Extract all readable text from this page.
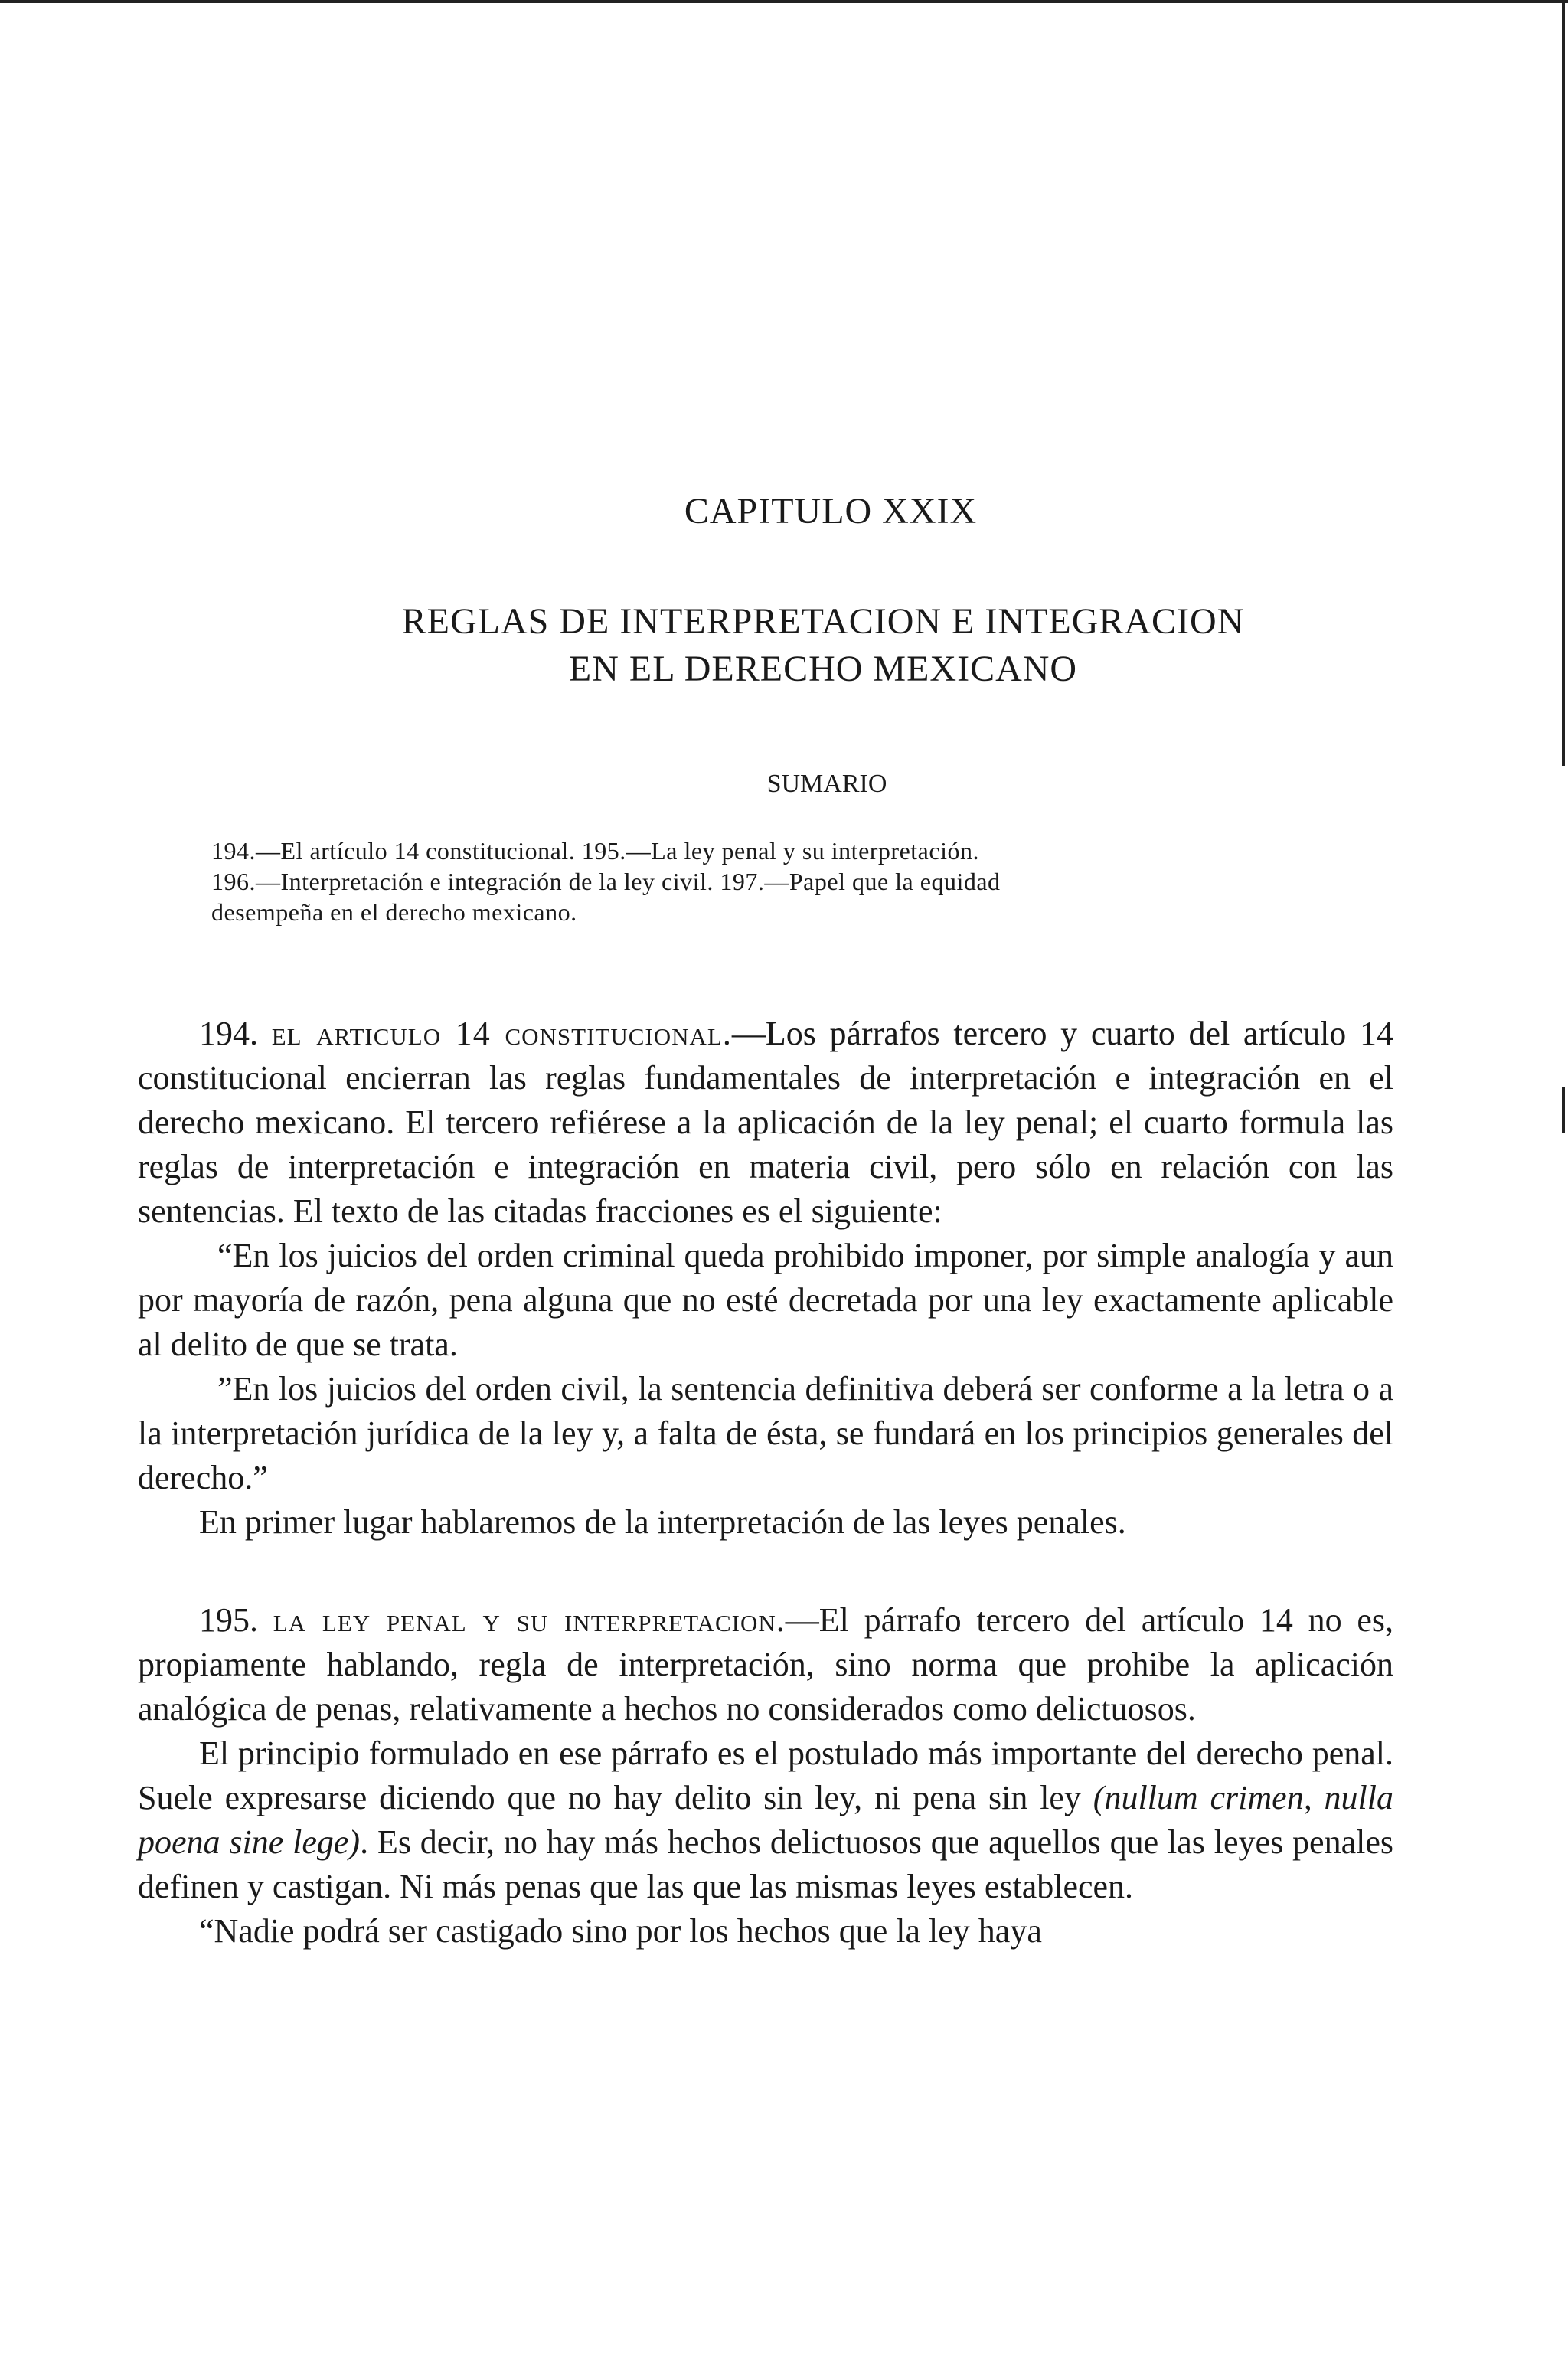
CAPITULO XXIX
REGLAS DE INTERPRETACION E INTEGRACION
EN EL DERECHO MEXICANO
SUMARIO
194.—El artículo 14 constitucional. 195.—La ley penal y su interpretación.
196.—Interpretación e integración de la ley civil. 197.—Papel que la equidad
desempeña en el derecho mexicano.

194. el articulo 14 constitucional.—Los párrafos tercero y cuarto del artículo 14 constitucional encierran las reglas fundamentales de interpretación e integración en el derecho mexicano. El tercero refiérese a la aplicación de la ley penal; el cuarto formula las reglas de interpretación e integración en materia civil, pero sólo en relación con las sentencias. El texto de las citadas fracciones es el siguiente:

“En los juicios del orden criminal queda prohibido imponer, por simple analogía y aun por mayoría de razón, pena alguna que no esté decretada por una ley exactamente aplicable al delito de que se trata.

”En los juicios del orden civil, la sentencia definitiva deberá ser conforme a la letra o a la interpretación jurídica de la ley y, a falta de ésta, se fundará en los principios generales del derecho.”

En primer lugar hablaremos de la interpretación de las leyes penales.

195. la ley penal y su interpretacion.—El párrafo tercero del artículo 14 no es, propiamente hablando, regla de interpretación, sino norma que prohibe la aplicación analógica de penas, relativamente a hechos no considerados como delictuosos.

El principio formulado en ese párrafo es el postulado más importante del derecho penal. Suele expresarse diciendo que no hay delito sin ley, ni pena sin ley (nullum crimen, nulla poena sine lege). Es decir, no hay más hechos delictuosos que aquellos que las leyes penales definen y castigan. Ni más penas que las que las mismas leyes establecen.

“Nadie podrá ser castigado sino por los hechos que la ley haya
